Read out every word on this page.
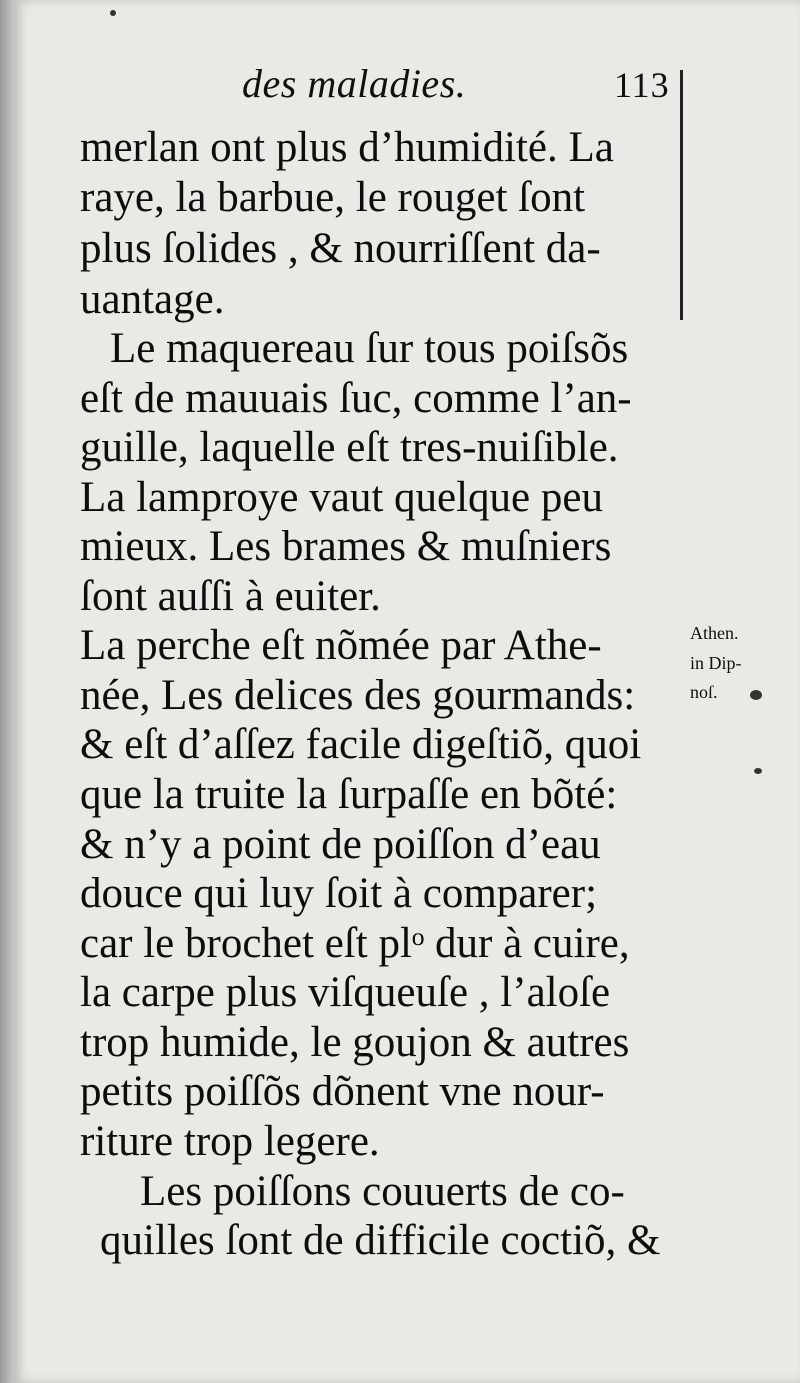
des maladies.	113
merlan ont plus d’humidité. La
raye, la barbue, le rouget ſont
plus ſolides , & nourriſſent da-
uantage.
Le maquereau ſur tous poiſsõs
eſt de mauuais ſuc, comme l’an-
guille, laquelle eſt tres-nuiſible.
La lamproye vaut quelque peu
mieux. Les brames & muſniers
ſont auſſi à euiter.
La perche eſt nõmée par Athe-
née, Les delices des gourmands:
& eſt d’aſſez facile digeſtiõ, quoi
que la truite la ſurpaſſe en bõté:
& n’y a point de poiſſon d’eau
douce qui luy ſoit à comparer;
car le brochet eſt plᵒ dur à cuire,
la carpe plus viſqueuſe , l’aloſe
trop humide, le goujon & autres
petits poiſſõs dõnent vne nour-
riture trop legere.
Les poiſſons couuerts de co-
quilles ſont de difficile coctiõ, &
Athen.
in Dip-
noſ.
